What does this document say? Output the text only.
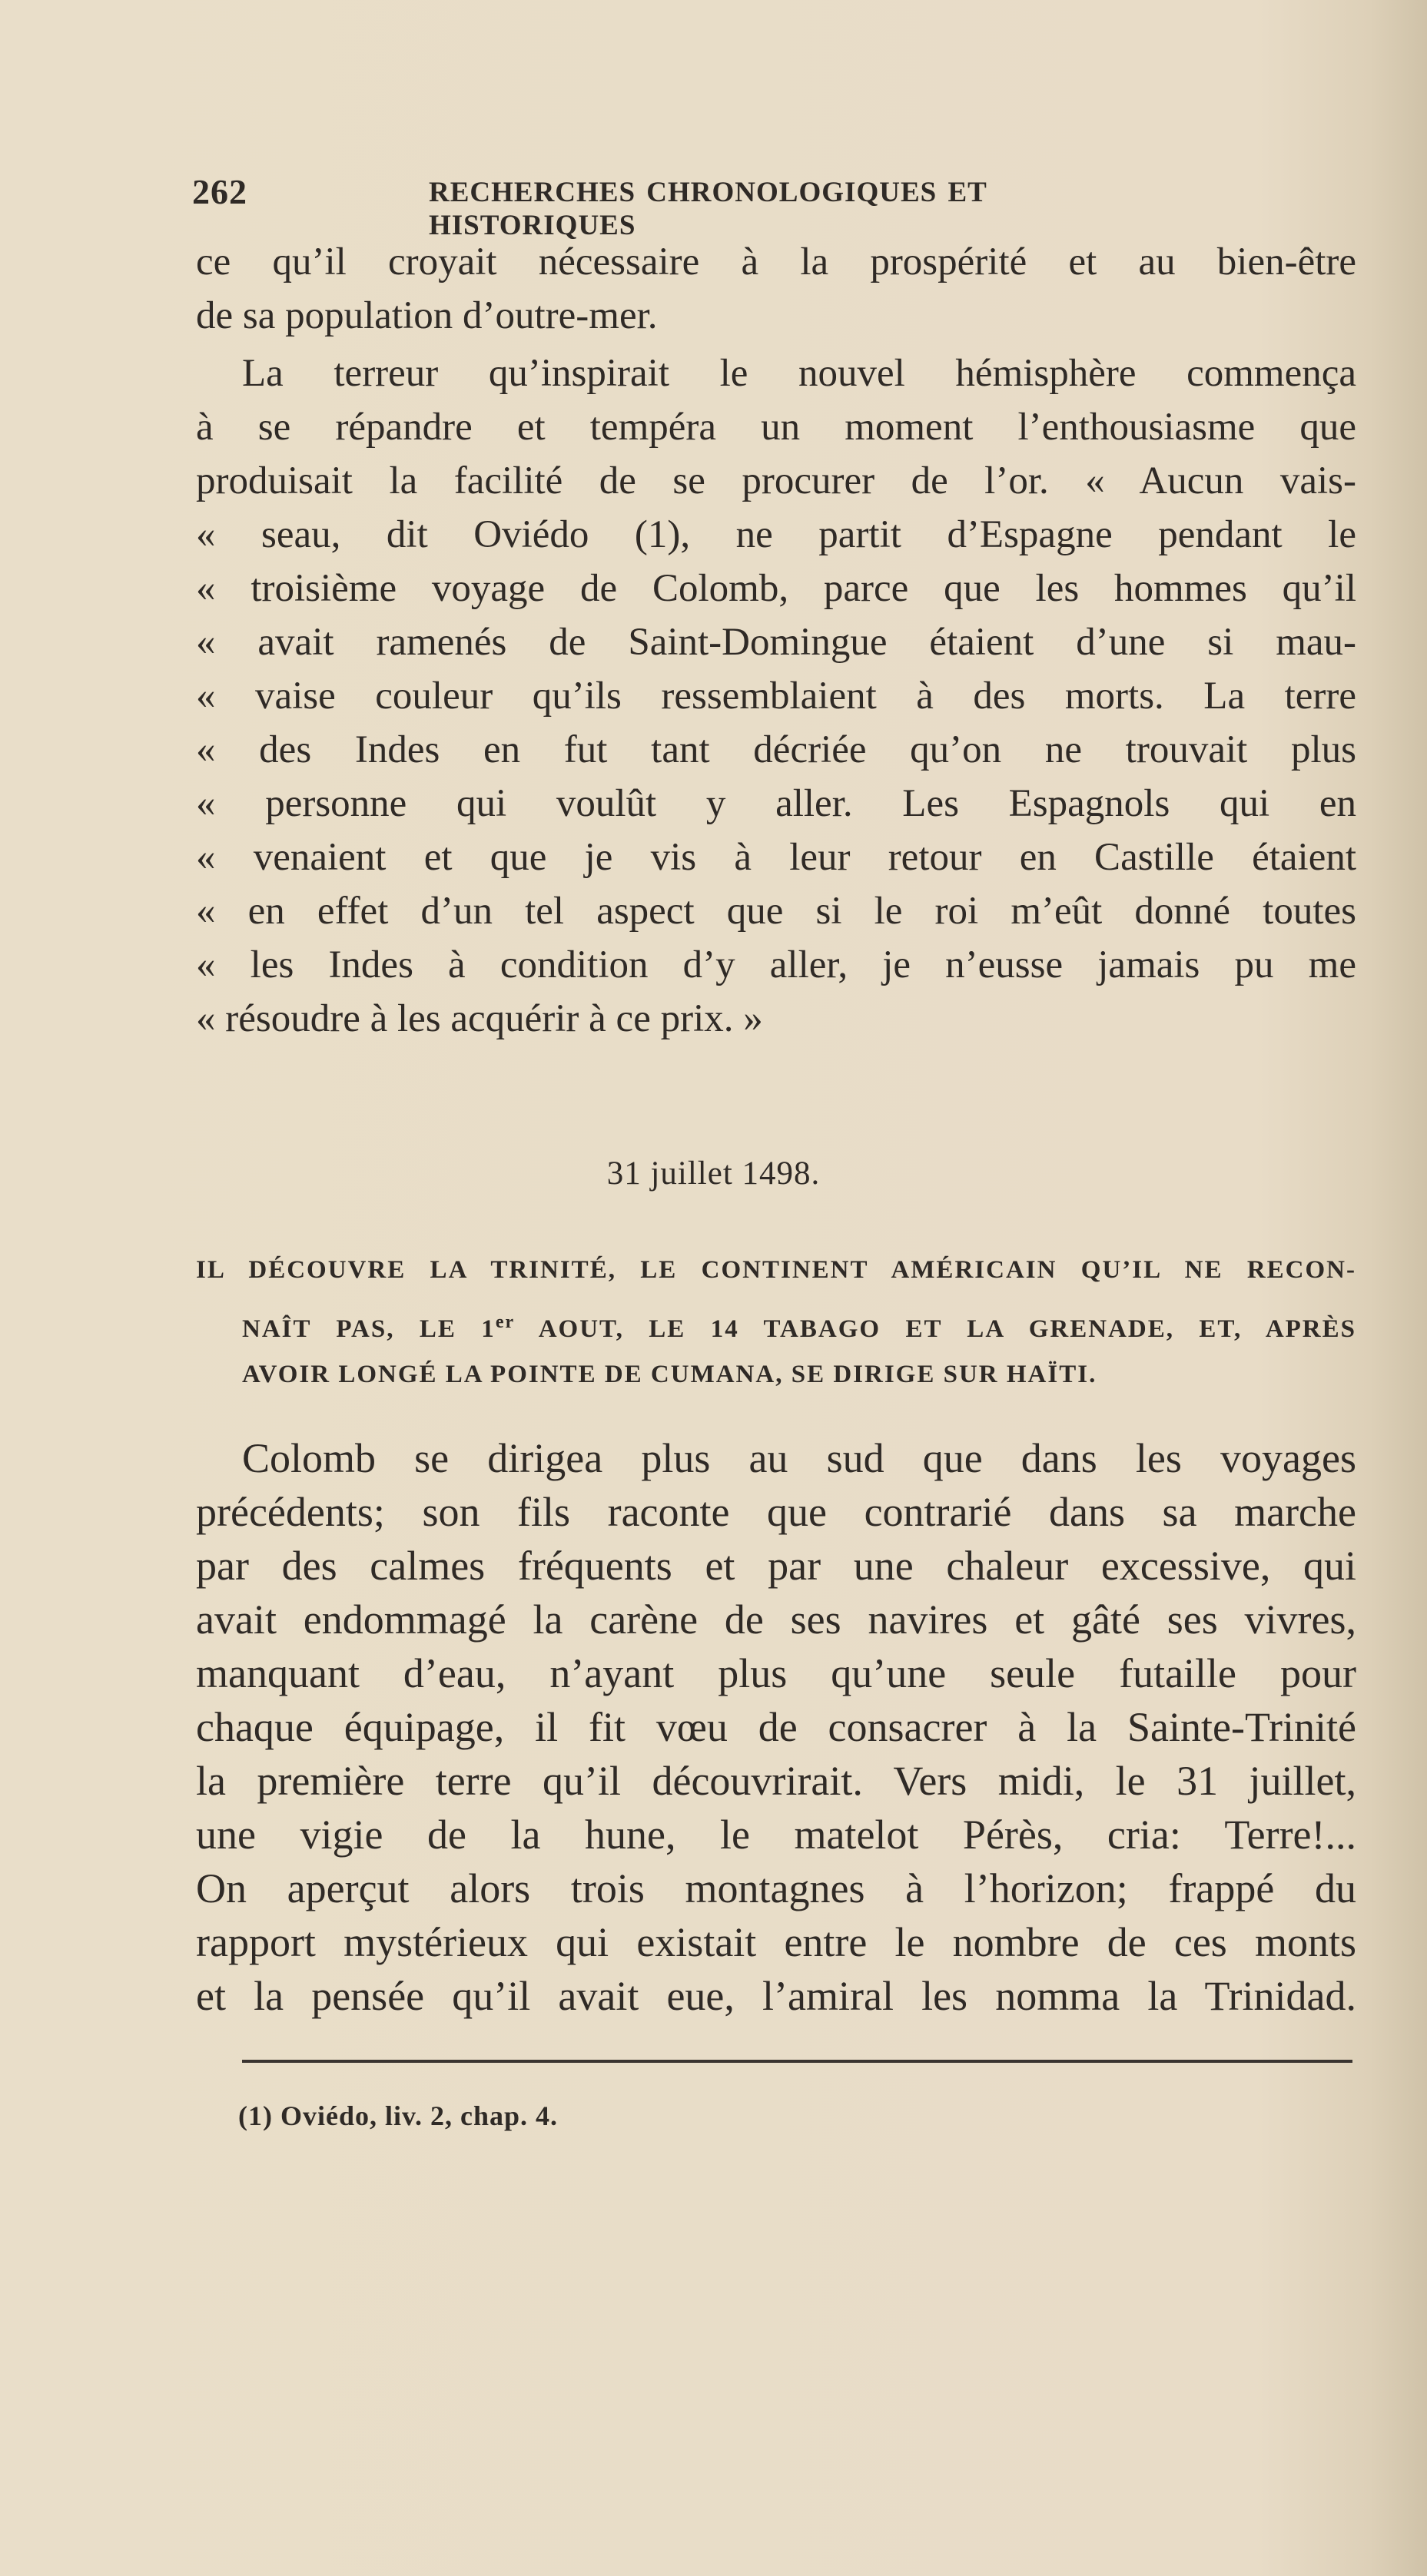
262	RECHERCHES CHRONOLOGIQUES ET HISTORIQUES
ce qu’il croyait nécessaire à la prospérité et au bien-être
de sa population d’outre-mer.
La terreur qu’inspirait le nouvel hémisphère commença
à se répandre et tempéra un moment l’enthousiasme que
produisait la facilité de se procurer de l’or. « Aucun vais-
« seau, dit Oviédo (1), ne partit d’Espagne pendant le
« troisième voyage de Colomb, parce que les hommes qu’il
« avait ramenés de Saint-Domingue étaient d’une si mau-
« vaise couleur qu’ils ressemblaient à des morts. La terre
« des Indes en fut tant décriée qu’on ne trouvait plus
« personne qui voulût y aller. Les Espagnols qui en
« venaient et que je vis à leur retour en Castille étaient
« en effet d’un tel aspect que si le roi m’eût donné toutes
« les Indes à condition d’y aller, je n’eusse jamais pu me
« résoudre à les acquérir à ce prix. »
31 juillet 1498.
IL DÉCOUVRE LA TRINITÉ, LE CONTINENT AMÉRICAIN QU’IL NE RECON-
NAÎT PAS, LE 1er AOUT, LE 14 TABAGO ET LA GRENADE, ET, APRÈS
AVOIR LONGÉ LA POINTE DE CUMANA, SE DIRIGE SUR HAÏTI.
Colomb se dirigea plus au sud que dans les voyages
précédents; son fils raconte que contrarié dans sa marche
par des calmes fréquents et par une chaleur excessive, qui
avait endommagé la carène de ses navires et gâté ses vivres,
manquant d’eau, n’ayant plus qu’une seule futaille pour
chaque équipage, il fit vœu de consacrer à la Sainte-Trinité
la première terre qu’il découvrirait. Vers midi, le 31 juillet,
une vigie de la hune, le matelot Pérès, cria: Terre!...
On aperçut alors trois montagnes à l’horizon; frappé du
rapport mystérieux qui existait entre le nombre de ces monts
et la pensée qu’il avait eue, l’amiral les nomma la Trinidad.
(1) Oviédo, liv. 2, chap. 4.
